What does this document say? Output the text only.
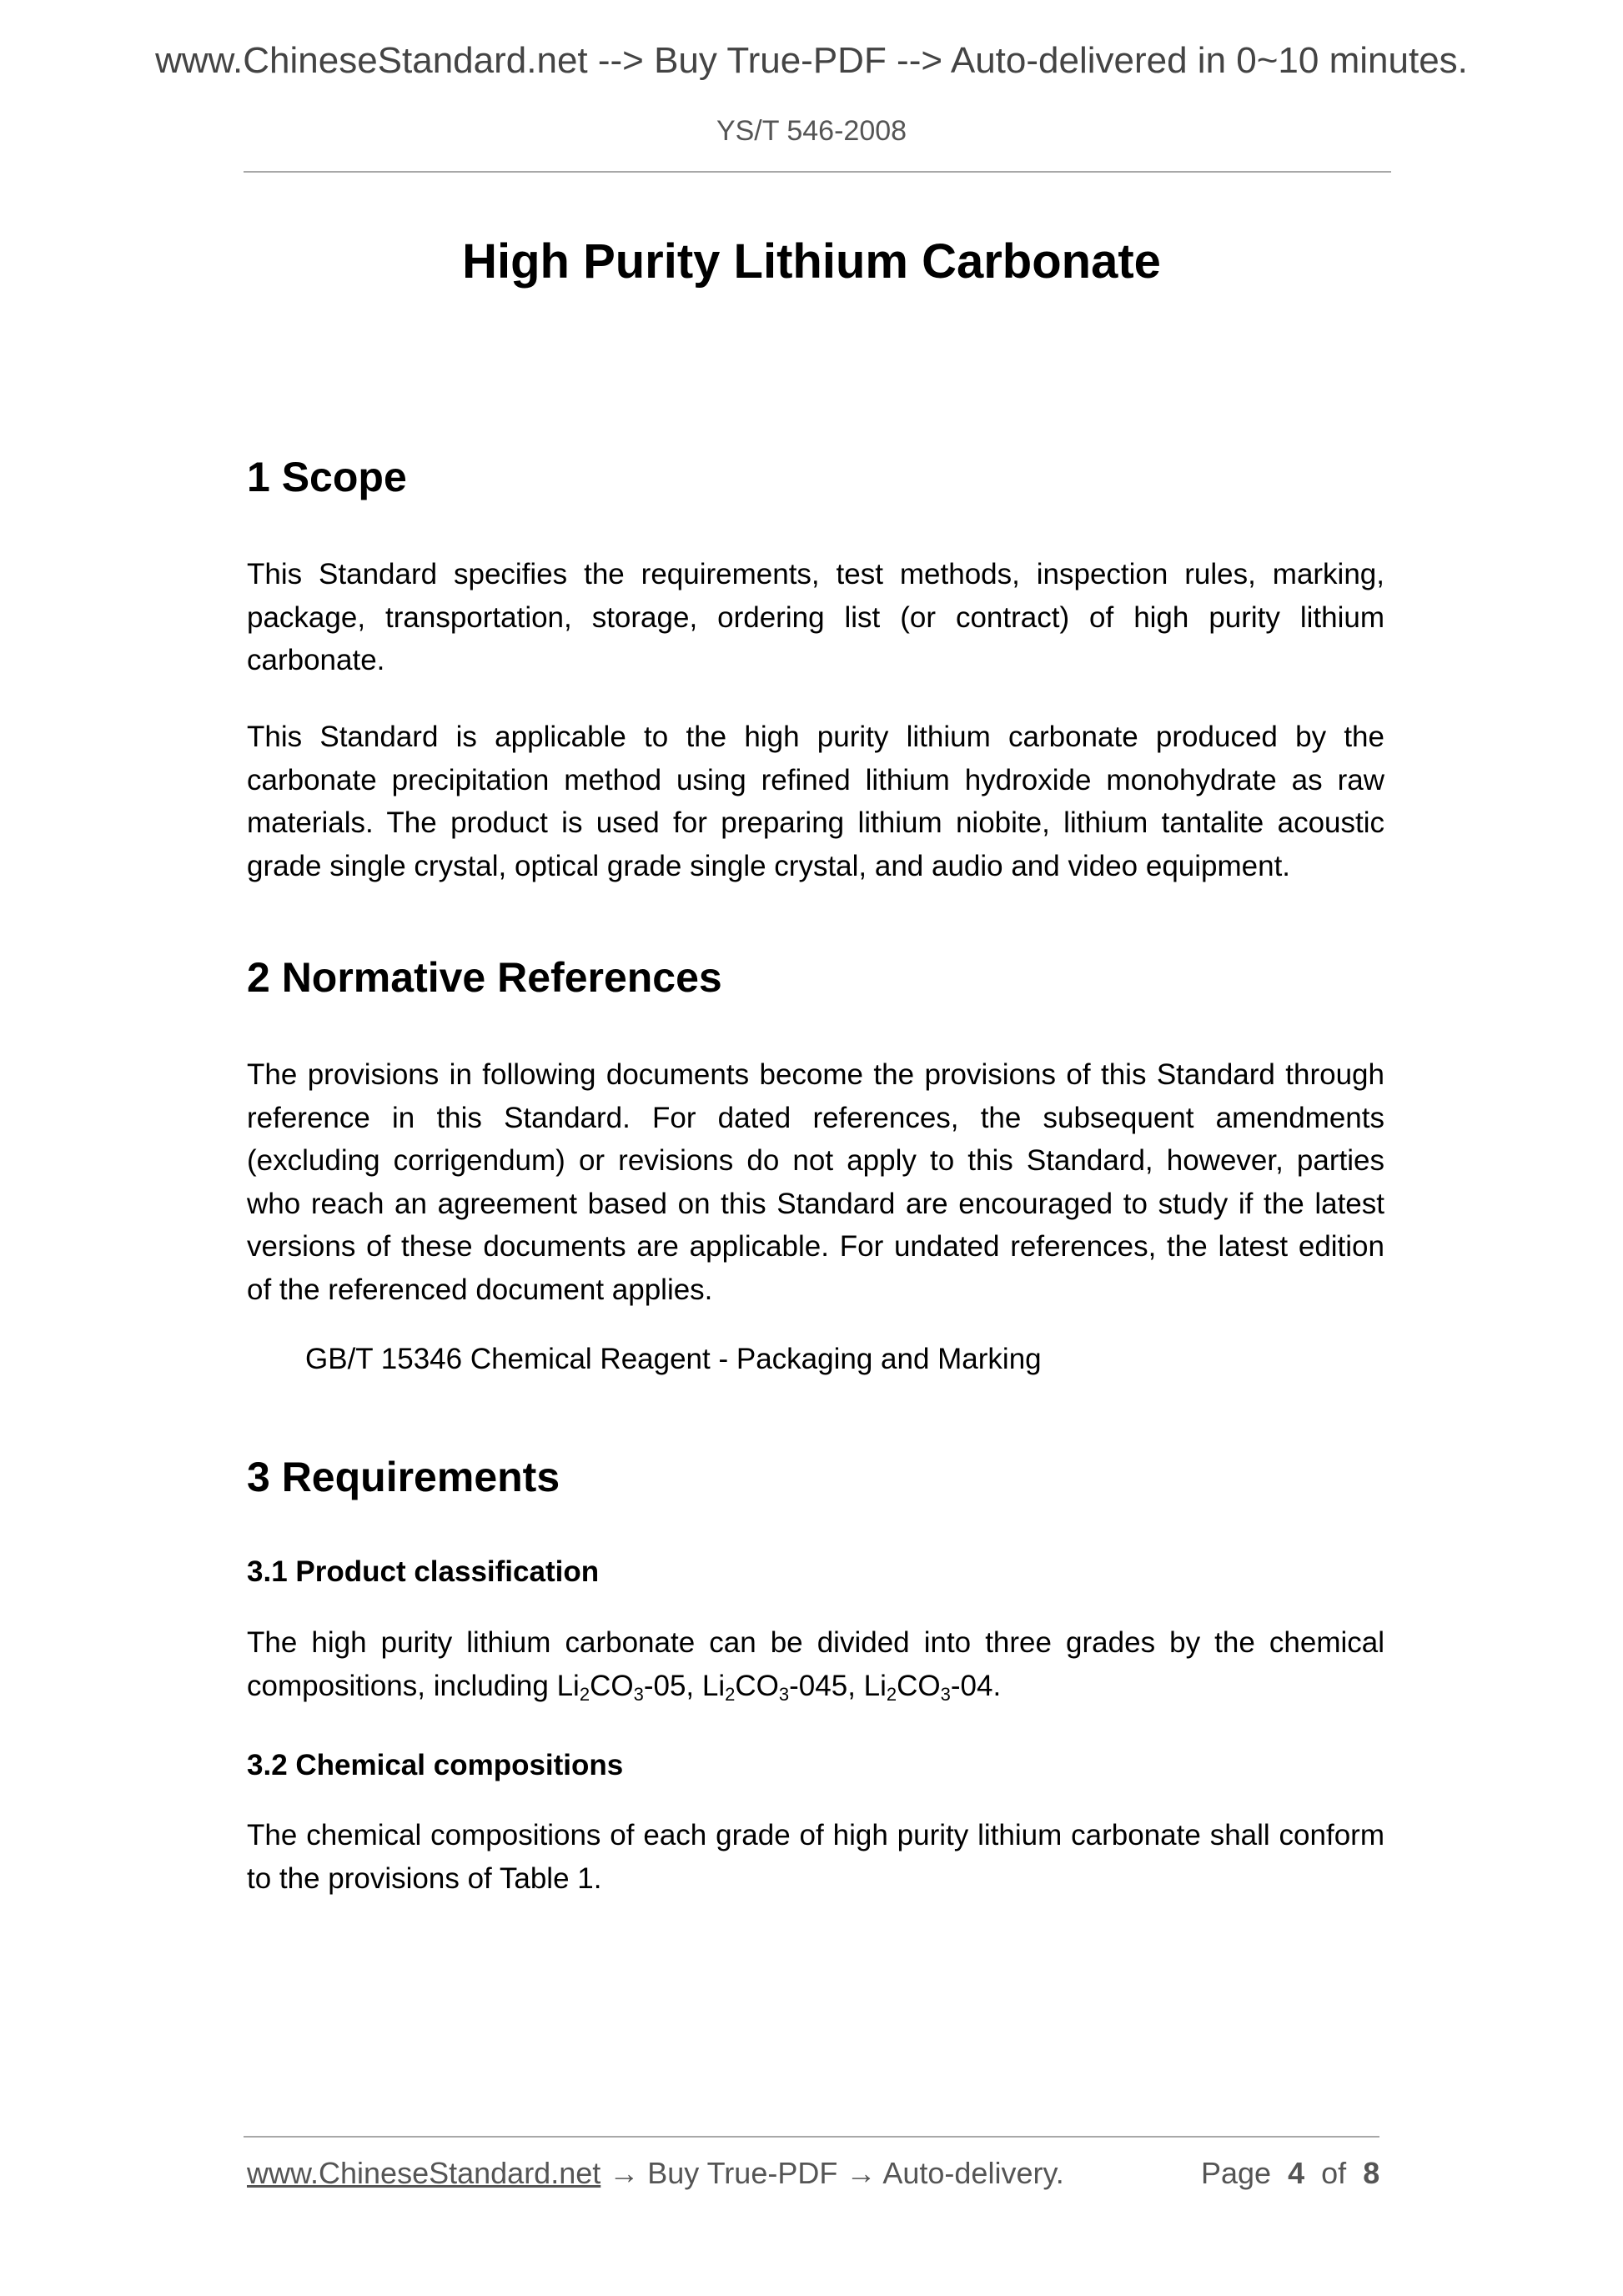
www.ChineseStandard.net --> Buy True-PDF --> Auto-delivered in 0~10 minutes.
YS/T 546-2008
High Purity Lithium Carbonate
1 Scope

This Standard specifies the requirements, test methods, inspection rules, marking, package, transportation, storage, ordering list (or contract) of high purity lithium carbonate.

This Standard is applicable to the high purity lithium carbonate produced by the carbonate precipitation method using refined lithium hydroxide monohydrate as raw materials. The product is used for preparing lithium niobite, lithium tantalite acoustic grade single crystal, optical grade single crystal, and audio and video equipment.

2 Normative References

The provisions in following documents become the provisions of this Standard through reference in this Standard. For dated references, the subsequent amendments (excluding corrigendum) or revisions do not apply to this Standard, however, parties who reach an agreement based on this Standard are encouraged to study if the latest versions of these documents are applicable. For undated references, the latest edition of the referenced document applies.

GB/T 15346 Chemical Reagent - Packaging and Marking
3 Requirements
3.1 Product classification

The high purity lithium carbonate can be divided into three grades by the chemical compositions, including $Li_2CO_3-05$, $Li_2CO_3-045$, $Li_2CO_3-04$.

3.2 Chemical compositions

The chemical compositions of each grade of high purity lithium carbonate shall conform to the provisions of Table 1.

www.ChineseStandard.net → Buy True-PDF → Auto-delivery.	Page 4 of 8
